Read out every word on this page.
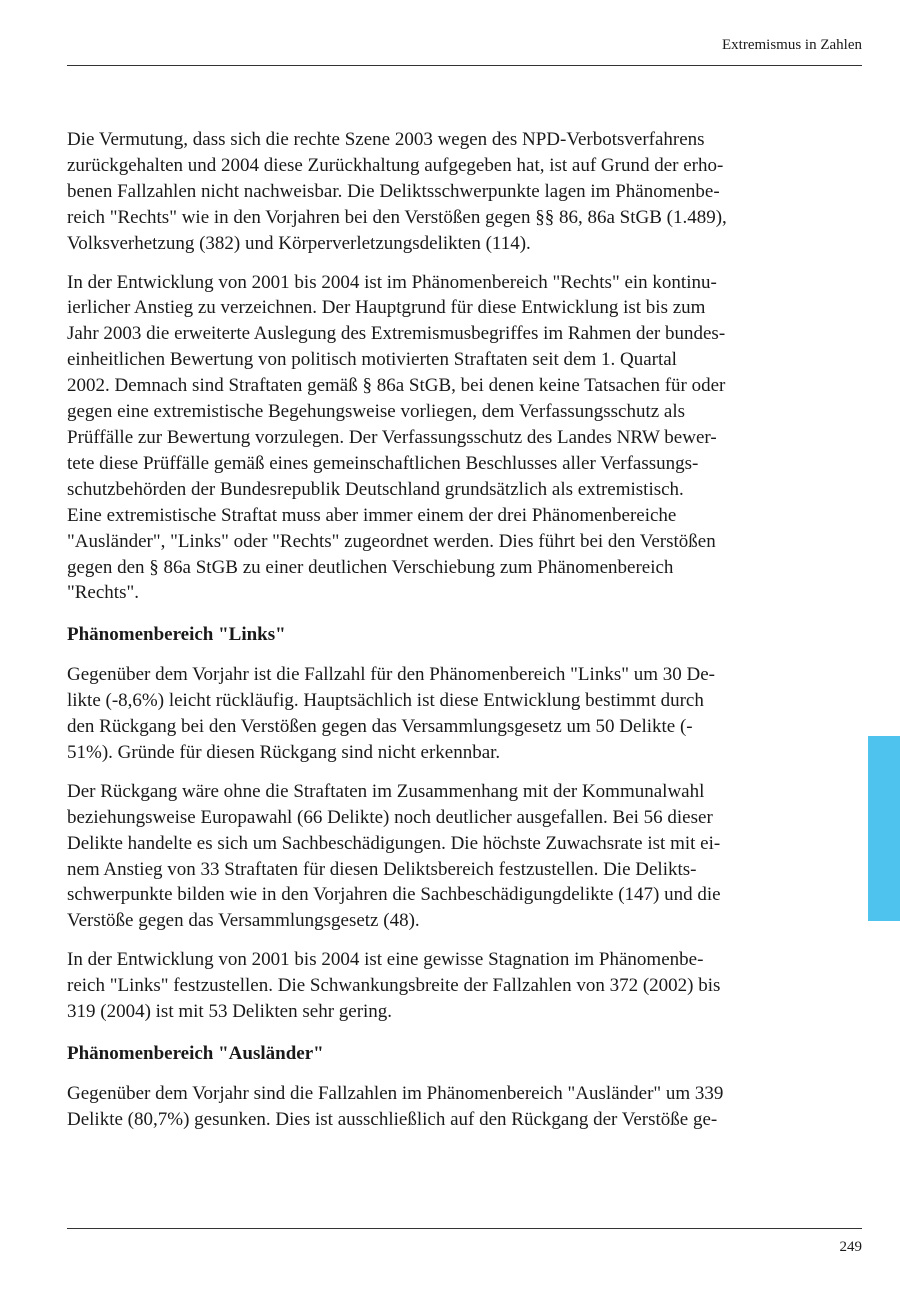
Extremismus in Zahlen
Die Vermutung, dass sich die rechte Szene 2003 wegen des NPD-Verbotsverfahrens
zurückgehalten und 2004 diese Zurückhaltung aufgegeben hat, ist auf Grund der erho-
benen Fallzahlen nicht nachweisbar. Die Deliktsschwerpunkte lagen im Phänomenbe-
reich "Rechts" wie in den Vorjahren bei den Verstößen gegen §§ 86, 86a StGB (1.489),
Volksverhetzung (382) und Körperverletzungsdelikten (114).
In der Entwicklung von 2001 bis 2004 ist im Phänomenbereich "Rechts" ein kontinu-
ierlicher Anstieg zu verzeichnen. Der Hauptgrund für diese Entwicklung ist bis zum
Jahr 2003 die erweiterte Auslegung des Extremismusbegriffes im Rahmen der bundes-
einheitlichen Bewertung von politisch motivierten Straftaten seit dem 1. Quartal
2002. Demnach sind Straftaten gemäß § 86a StGB, bei denen keine Tatsachen für oder
gegen eine extremistische Begehungsweise vorliegen, dem Verfassungsschutz als
Prüffälle zur Bewertung vorzulegen. Der Verfassungsschutz des Landes NRW bewer-
tete diese Prüffälle gemäß eines gemeinschaftlichen Beschlusses aller Verfassungs-
schutzbehörden der Bundesrepublik Deutschland grundsätzlich als extremistisch.
Eine extremistische Straftat muss aber immer einem der drei Phänomenbereiche
"Ausländer", "Links" oder "Rechts" zugeordnet werden. Dies führt bei den Verstößen
gegen den § 86a StGB zu einer deutlichen Verschiebung zum Phänomenbereich
"Rechts".
Phänomenbereich "Links"
Gegenüber dem Vorjahr ist die Fallzahl für den Phänomenbereich "Links" um 30 De-
likte (-8,6%) leicht rückläufig. Hauptsächlich ist diese Entwicklung bestimmt durch
den Rückgang bei den Verstößen gegen das Versammlungsgesetz um 50 Delikte (-
51%). Gründe für diesen Rückgang sind nicht erkennbar.
Der Rückgang wäre ohne die Straftaten im Zusammenhang mit der Kommunalwahl
beziehungsweise Europawahl (66 Delikte) noch deutlicher ausgefallen. Bei 56 dieser
Delikte handelte es sich um Sachbeschädigungen. Die höchste Zuwachsrate ist mit ei-
nem Anstieg von 33 Straftaten für diesen Deliktsbereich festzustellen. Die Delikts-
schwerpunkte bilden wie in den Vorjahren die Sachbeschädigungdelikte (147) und die
Verstöße gegen das Versammlungsgesetz (48).
In der Entwicklung von 2001 bis 2004 ist eine gewisse Stagnation im Phänomenbe-
reich "Links" festzustellen. Die Schwankungsbreite der Fallzahlen von 372 (2002) bis
319 (2004) ist mit 53 Delikten sehr gering.
Phänomenbereich "Ausländer"
Gegenüber dem Vorjahr sind die Fallzahlen im Phänomenbereich "Ausländer" um 339
Delikte (80,7%) gesunken. Dies ist ausschließlich auf den Rückgang der Verstöße ge-
249
